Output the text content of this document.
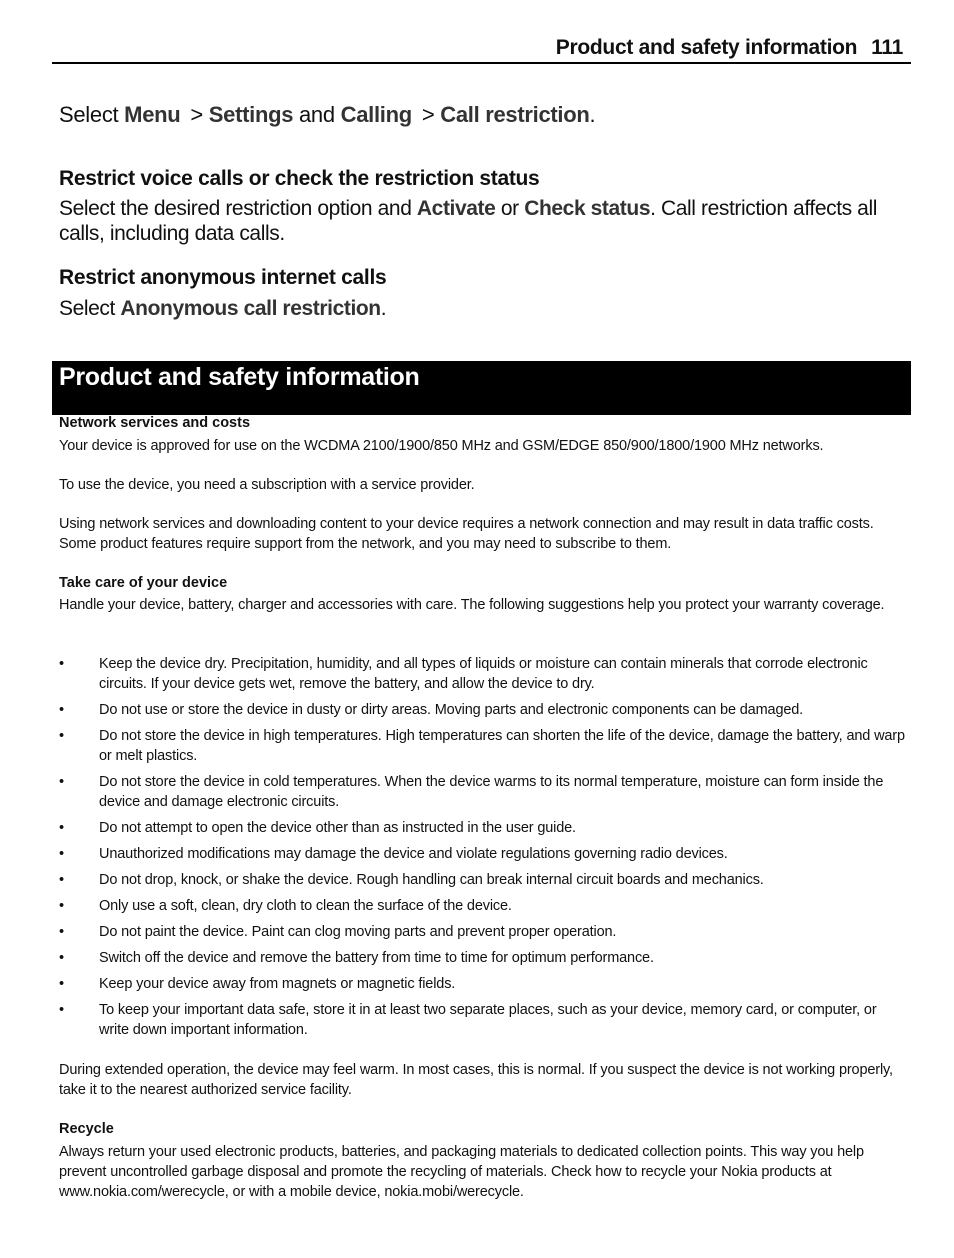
Product and safety information 111
Select Menu > Settings and Calling > Call restriction.
Restrict voice calls or check the restriction status
Select the desired restriction option and Activate or Check status. Call restriction affects all calls, including data calls.
Restrict anonymous internet calls
Select Anonymous call restriction.
Product and safety information
Network services and costs
Your device is approved for use on the WCDMA 2100/1900/850 MHz and GSM/EDGE 850/900/1800/1900 MHz networks.
To use the device, you need a subscription with a service provider.
Using network services and downloading content to your device requires a network connection and may result in data traffic costs. Some product features require support from the network, and you may need to subscribe to them.
Take care of your device
Handle your device, battery, charger and accessories with care. The following suggestions help you protect your warranty coverage.
• Keep the device dry. Precipitation, humidity, and all types of liquids or moisture can contain minerals that corrode electronic circuits. If your device gets wet, remove the battery, and allow the device to dry.
• Do not use or store the device in dusty or dirty areas. Moving parts and electronic components can be damaged.
• Do not store the device in high temperatures. High temperatures can shorten the life of the device, damage the battery, and warp or melt plastics.
• Do not store the device in cold temperatures. When the device warms to its normal temperature, moisture can form inside the device and damage electronic circuits.
• Do not attempt to open the device other than as instructed in the user guide.
• Unauthorized modifications may damage the device and violate regulations governing radio devices.
• Do not drop, knock, or shake the device. Rough handling can break internal circuit boards and mechanics.
• Only use a soft, clean, dry cloth to clean the surface of the device.
• Do not paint the device. Paint can clog moving parts and prevent proper operation.
• Switch off the device and remove the battery from time to time for optimum performance.
• Keep your device away from magnets or magnetic fields.
• To keep your important data safe, store it in at least two separate places, such as your device, memory card, or computer, or write down important information.
During extended operation, the device may feel warm. In most cases, this is normal. If you suspect the device is not working properly, take it to the nearest authorized service facility.
Recycle
Always return your used electronic products, batteries, and packaging materials to dedicated collection points. This way you help prevent uncontrolled garbage disposal and promote the recycling of materials. Check how to recycle your Nokia products at www.nokia.com/werecycle, or with a mobile device, nokia.mobi/werecycle.
